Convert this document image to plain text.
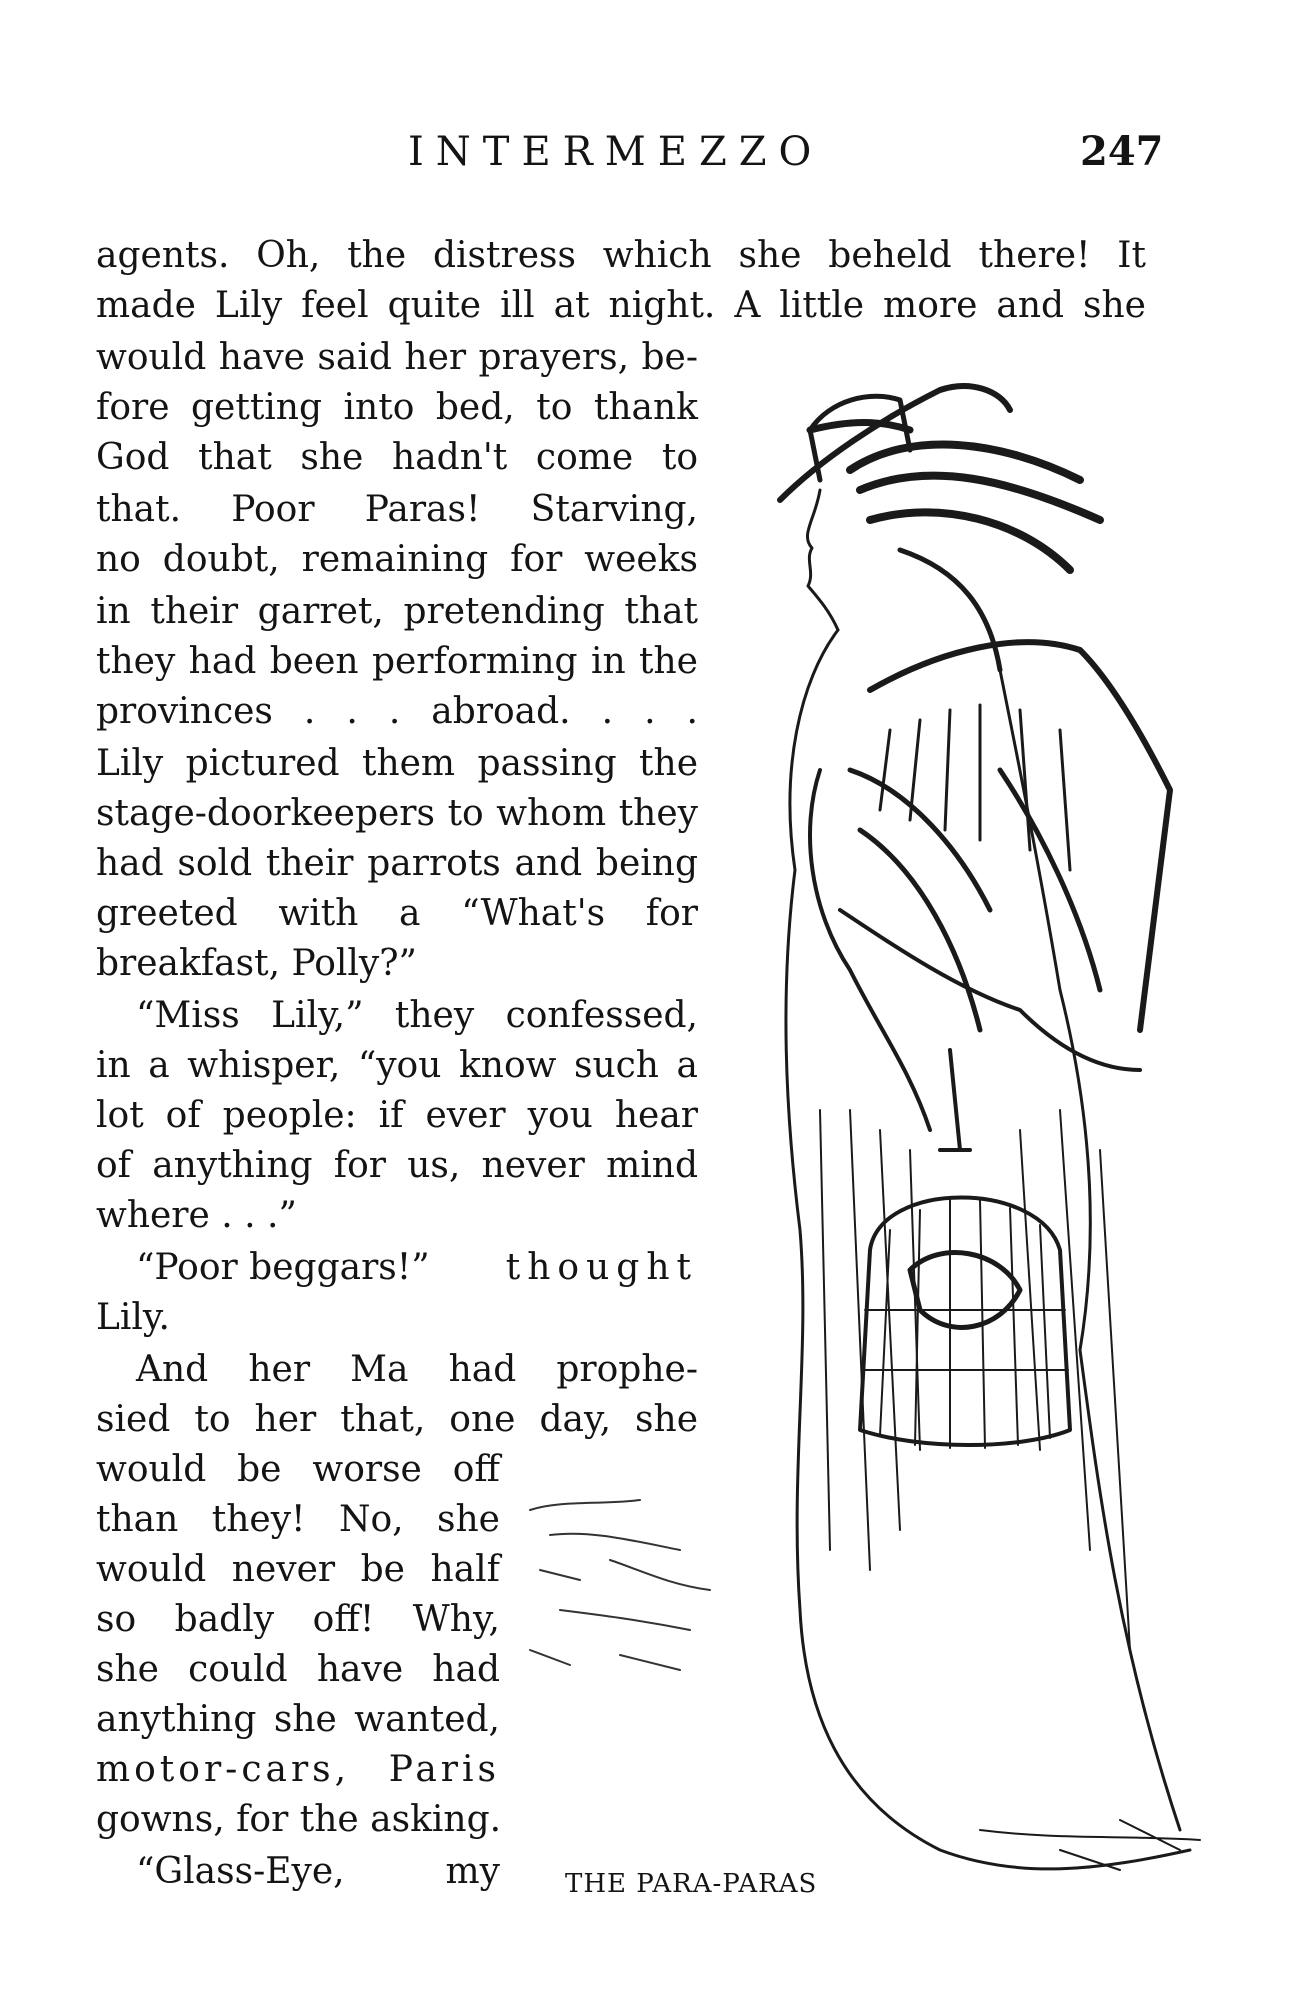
INTERMEZZO	247

agents. Oh, the distress which she beheld there! It

made Lily feel quite ill at night. A little more and she

would have said her prayers, be-

fore getting into bed, to thank

God that she hadn't come to

that. Poor Paras! Starving,

no doubt, remaining for weeks

in their garret, pretending that

they had been performing in the

provinces . . . abroad. . . .

Lily pictured them passing the

stage-doorkeepers to whom they

had sold their parrots and being

greeted with a “What's for

breakfast, Polly?”

“Miss Lily,” they confessed,

in a whisper, “you know such a

lot of people: if ever you hear

of anything for us, never mind

where . . .”

“Poor beggars!”	thought

Lily.

And her Ma had prophe-

sied to her that, one day, she

would be worse off

than they! No, she

would never be half

so badly off! Why,

she could have had

anything she wanted,

motor-cars, Paris

gowns, for the asking.

“Glass-Eye, my	THE PARA-PARAS
